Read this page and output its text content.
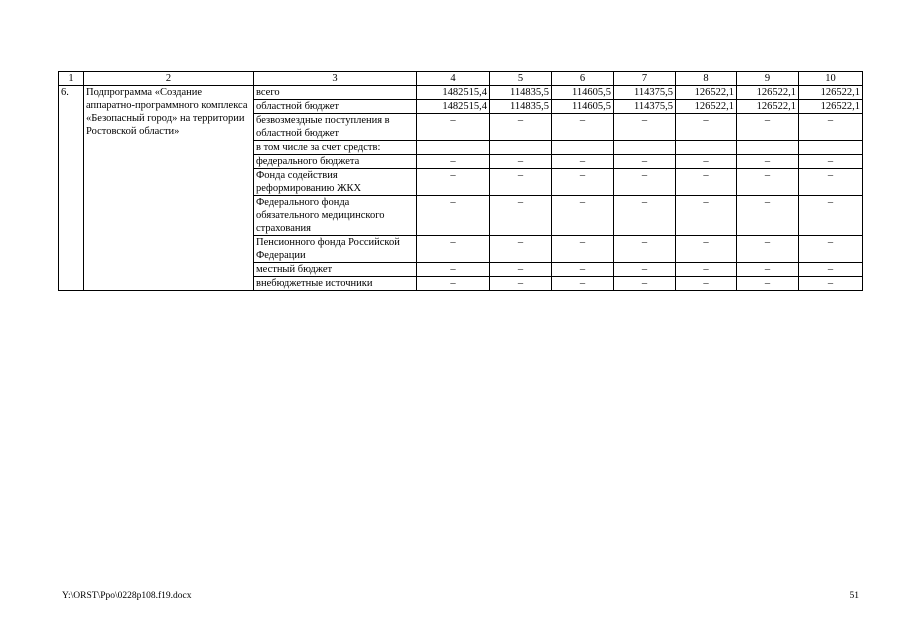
1	2	3	4	5	6	7	8	9	10
6.	Подпрограмма «Создание аппаратно-программного комплекса «Безопасный город» на территории Ростовской области»	всего	1482515,4	114835,5	114605,5	114375,5	126522,1	126522,1	126522,1
		областной бюджет	1482515,4	114835,5	114605,5	114375,5	126522,1	126522,1	126522,1
		безвозмездные поступления в областной бюджет	–	–	–	–	–	–	–
		в том числе за счет средств:							
		федерального бюджета	–	–	–	–	–	–	–
		Фонда содействия реформированию ЖКХ	–	–	–	–	–	–	–
		Федерального фонда обязательного медицинского страхования	–	–	–	–	–	–	–
		Пенсионного фонда Российской Федерации	–	–	–	–	–	–	–
		местный бюджет	–	–	–	–	–	–	–
		внебюджетные источники	–	–	–	–	–	–	–
Y:\ORST\Ppo\0228p108.f19.docx	51
